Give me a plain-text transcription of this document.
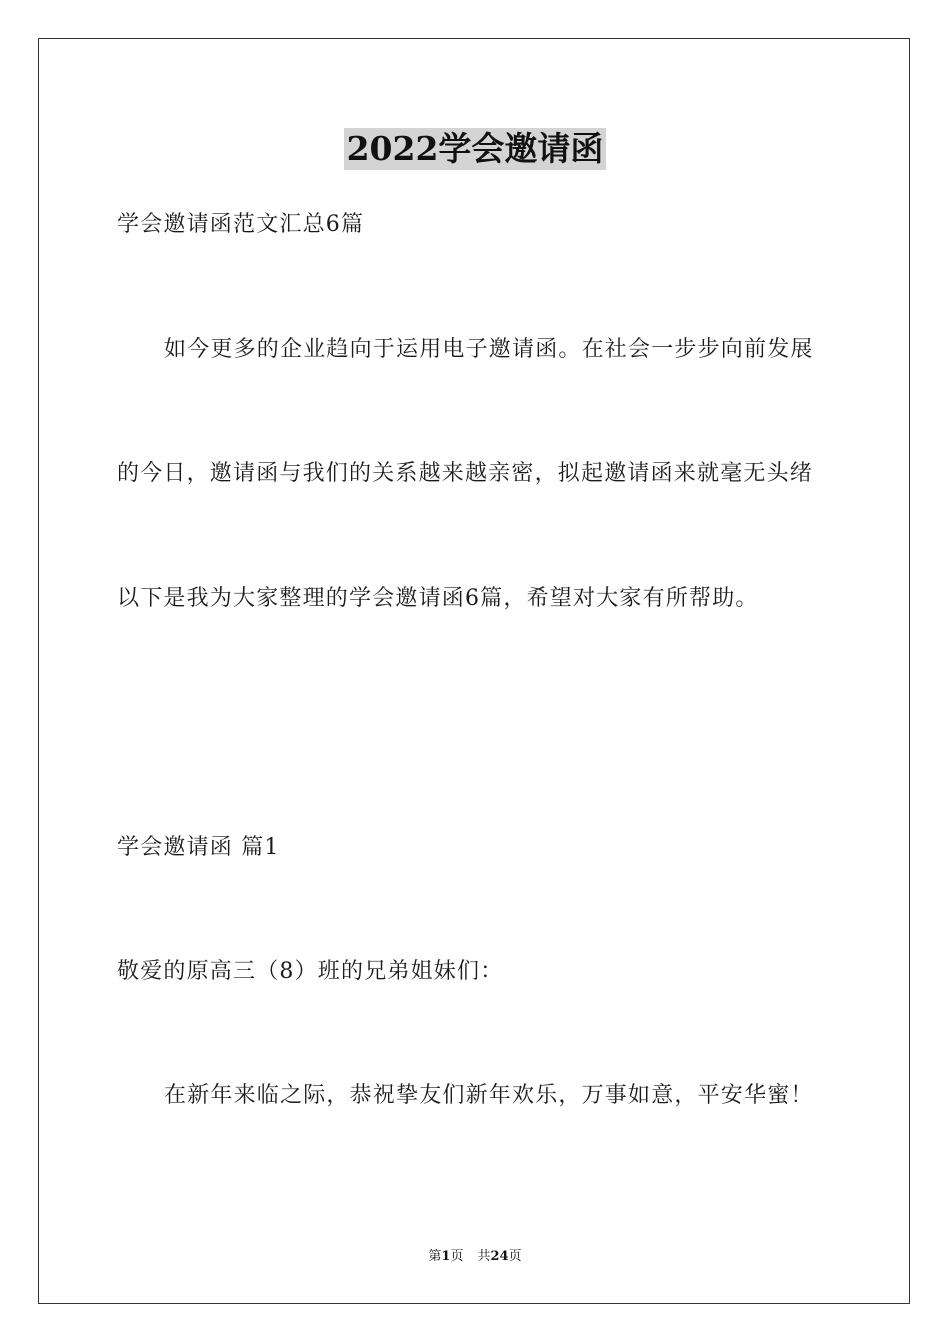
2022学会邀请函
学会邀请函范文汇总6篇
如今更多的企业趋向于运用电子邀请函。在社会一步步向前发展
的今日，邀请函与我们的关系越来越亲密，拟起邀请函来就毫无头绪
以下是我为大家整理的学会邀请函6篇，希望对大家有所帮助。
学会邀请函 篇1
敬爱的原高三（8）班的兄弟姐妹们：
在新年来临之际，恭祝挚友们新年欢乐，万事如意，平安华蜜！
第1页 共24页
